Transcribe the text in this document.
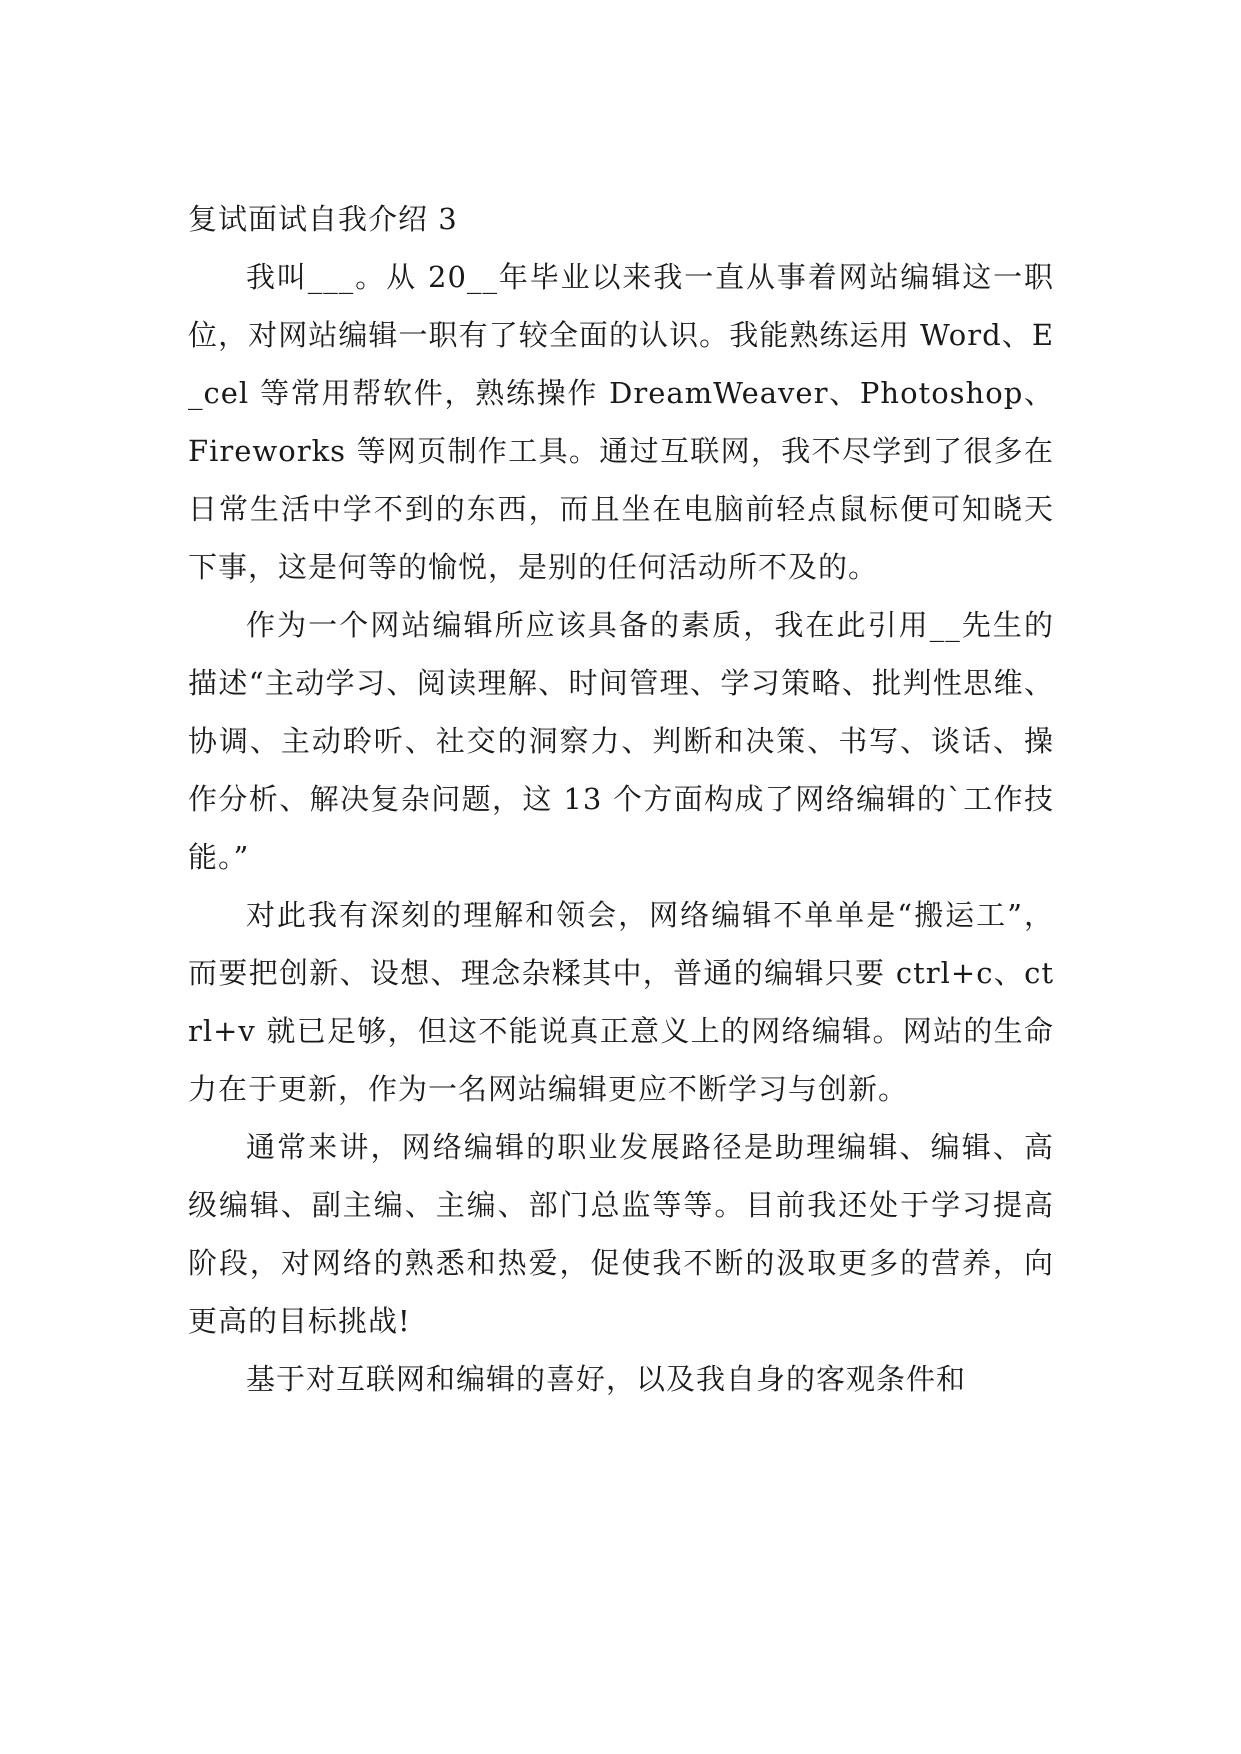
复试面试自我介绍 3

我叫___。从 20__年毕业以来我一直从事着网站编辑这一职位，对网站编辑一职有了较全面的认识。我能熟练运用 Word、E_cel 等常用帮软件，熟练操作 DreamWeaver、Photoshop、Fireworks 等网页制作工具。通过互联网，我不尽学到了很多在日常生活中学不到的东西，而且坐在电脑前轻点鼠标便可知晓天下事，这是何等的愉悦，是别的任何活动所不及的。

作为一个网站编辑所应该具备的素质，我在此引用__先生的描述“主动学习、阅读理解、时间管理、学习策略、批判性思维、协调、主动聆听、社交的洞察力、判断和决策、书写、谈话、操作分析、解决复杂问题，这 13 个方面构成了网络编辑的`工作技能。”

对此我有深刻的理解和领会，网络编辑不单单是“搬运工”，而要把创新、设想、理念杂糅其中，普通的编辑只要 ctrl+c、ctrl+v 就已足够，但这不能说真正意义上的网络编辑。网站的生命力在于更新，作为一名网站编辑更应不断学习与创新。

通常来讲，网络编辑的职业发展路径是助理编辑、编辑、高级编辑、副主编、主编、部门总监等等。目前我还处于学习提高阶段，对网络的熟悉和热爱，促使我不断的汲取更多的营养，向更高的目标挑战!

基于对互联网和编辑的喜好，以及我自身的客观条件和
